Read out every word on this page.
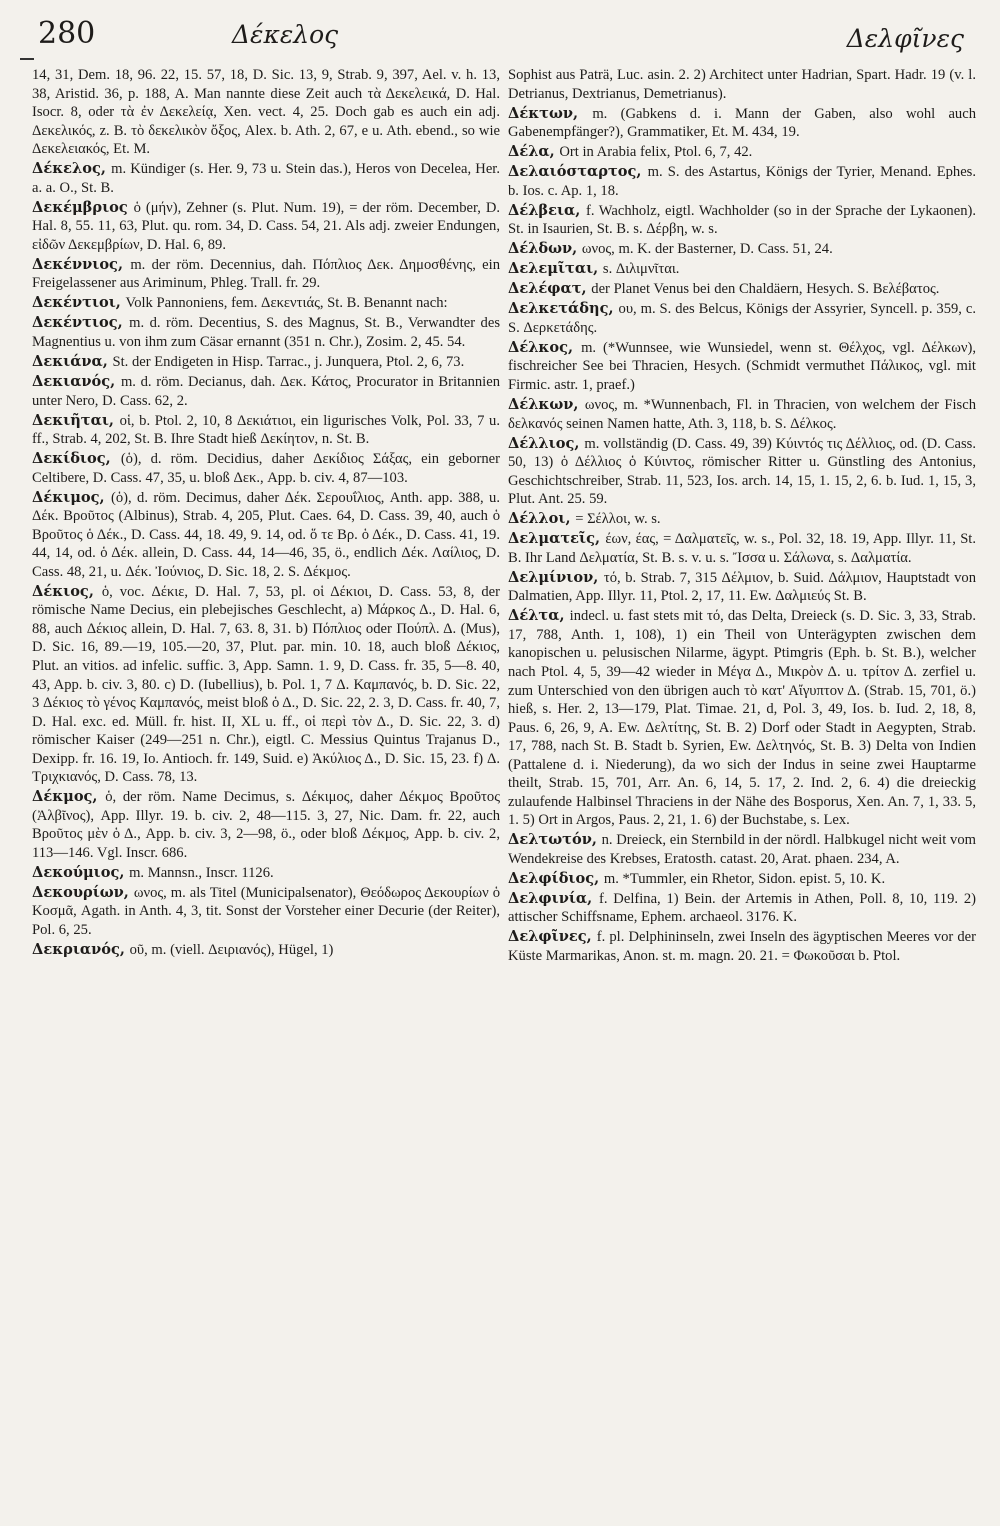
280	Δέκελος	Δελφῖνες

14, 31, Dem. 18, 96. 22, 15. 57, 18, D. Sic. 13, 9, Strab. 9, 397, Ael. v. h. 13, 38, Aristid. 36, p. 188, A. Man nannte diese Zeit auch τὰ Δεκελεικά, D. Hal. Isocr. 8, oder τὰ ἐν Δεκελείᾳ, Xen. vect. 4, 25. Doch gab es auch ein adj. Δεκελικός, z. B. τὸ δεκελικὸν ὄξος, Alex. b. Ath. 2, 67, e u. Ath. ebend., so wie Δεκελειακός, Et. M.

Δέκελος, m. Kündiger (s. Her. 9, 73 u. Stein das.), Heros von Decelea, Her. a. a. O., St. B.

Δεκέμβριος ὁ (μήν), Zehner (s. Plut. Num. 19), = der röm. December, D. Hal. 8, 55. 11, 63, Plut. qu. rom. 34, D. Cass. 54, 21. Als adj. zweier Endungen, εἰδῶν Δεκεμβρίων, D. Hal. 6, 89.

Δεκέννιος, m. der röm. Decennius, dah. Πόπλιος Δεκ. Δημοσθένης, ein Freigelassener aus Ariminum, Phleg. Trall. fr. 29.

Δεκέντιοι, Volk Pannoniens, fem. Δεκεντιάς, St. B. Benannt nach:

Δεκέντιος, m. d. röm. Decentius, S. des Magnus, St. B., Verwandter des Magnentius u. von ihm zum Cäsar ernannt (351 n. Chr.), Zosim. 2, 45. 54.

Δεκιάνα, St. der Endigeten in Hisp. Tarrac., j. Junquera, Ptol. 2, 6, 73.

Δεκιανός, m. d. röm. Decianus, dah. Δεκ. Κάτος, Procurator in Britannien unter Nero, D. Cass. 62, 2.

Δεκιῆται, οἱ, b. Ptol. 2, 10, 8 Δεκιάτιοι, ein ligurisches Volk, Pol. 33, 7 u. ff., Strab. 4, 202, St. B. Ihre Stadt hieß Δεκίητον, n. St. B.

Δεκίδιος, (ὁ), d. röm. Decidius, daher Δεκίδιος Σάξας, ein geborner Celtibere, D. Cass. 47, 35, u. bloß Δεκ., App. b. civ. 4, 87—103.

Δέκιμος, (ὁ), d. röm. Decimus, daher Δέκ. Σερουΐλιος, Anth. app. 388, u. Δέκ. Βροῦτος (Albinus), Strab. 4, 205, Plut. Caes. 64, D. Cass. 39, 40, auch ὁ Βροῦτος ὁ Δέκ., D. Cass. 44, 18. 49, 9. 14, od. ὅ τε Βρ. ὁ Δέκ., D. Cass. 41, 19. 44, 14, od. ὁ Δέκ. allein, D. Cass. 44, 14—46, 35, ö., endlich Δέκ. Λαίλιος, D. Cass. 48, 21, u. Δέκ. Ἰούνιος, D. Sic. 18, 2. S. Δέκμος.

Δέκιος, ὁ, voc. Δέκιε, D. Hal. 7, 53, pl. οἱ Δέκιοι, D. Cass. 53, 8, der römische Name Decius, ein plebejisches Geschlecht, a) Μάρκος Δ., D. Hal. 6, 88, auch Δέκιος allein, D. Hal. 7, 63. 8, 31. b) Πόπλιος oder Πούπλ. Δ. (Mus), D. Sic. 16, 89.—19, 105.—20, 37, Plut. par. min. 10. 18, auch bloß Δέκιος, Plut. an vitios. ad infelic. suffic. 3, App. Samn. 1. 9, D. Cass. fr. 35, 5—8. 40, 43, App. b. civ. 3, 80. c) D. (Iubellius), b. Pol. 1, 7 Δ. Καμπανός, b. D. Sic. 22, 3 Δέκιος τὸ γένος Καμπανός, meist bloß ὁ Δ., D. Sic. 22, 2. 3, D. Cass. fr. 40, 7, D. Hal. exc. ed. Müll. fr. hist. II, XL u. ff., οἱ περὶ τὸν Δ., D. Sic. 22, 3. d) römischer Kaiser (249—251 n. Chr.), eigtl. C. Messius Quintus Trajanus D., Dexipp. fr. 16. 19, Io. Antioch. fr. 149, Suid. e) Ἀκύλιος Δ., D. Sic. 15, 23. f) Δ. Τριχκιανός, D. Cass. 78, 13.

Δέκμος, ὁ, der röm. Name Decimus, s. Δέκιμος, daher Δέκμος Βροῦτος (Ἀλβῖνος), App. Illyr. 19. b. civ. 2, 48—115. 3, 27, Nic. Dam. fr. 22, auch Βροῦτος μὲν ὁ Δ., App. b. civ. 3, 2—98, ö., oder bloß Δέκμος, App. b. civ. 2, 113—146. Vgl. Inscr. 686.

Δεκούμιος, m. Mannsn., Inscr. 1126.

Δεκουρίων, ωνος, m. als Titel (Municipalsenator), Θεόδωρος Δεκουρίων ὁ Κοσμᾶ, Agath. in Anth. 4, 3, tit. Sonst der Vorsteher einer Decurie (der Reiter), Pol. 6, 25.

Δεκριανός, οῦ, m. (viell. Δειριανός), Hügel, 1)

Sophist aus Paträ, Luc. asin. 2. 2) Architect unter Hadrian, Spart. Hadr. 19 (v. l. Detrianus, Dextrianus, Demetrianus).

Δέκτων, m. (Gabkens d. i. Mann der Gaben, also wohl auch Gabenempfänger?), Grammatiker, Et. M. 434, 19.

Δέλα, Ort in Arabia felix, Ptol. 6, 7, 42.

Δελαιόσταρτος, m. S. des Astartus, Königs der Tyrier, Menand. Ephes. b. Ios. c. Ap. 1, 18.

Δέλβεια, f. Wachholz, eigtl. Wachholder (so in der Sprache der Lykaonen). St. in Isaurien, St. B. s. Δέρβη, w. s.

Δέλδων, ωνος, m. K. der Basterner, D. Cass. 51, 24.

Δελεμῖται, s. Διλιμνῖται.

Δελέφατ, der Planet Venus bei den Chaldäern, Hesych. S. Βελέβατος.

Δελκετάδης, ου, m. S. des Belcus, Königs der Assyrier, Syncell. p. 359, c. S. Δερκετάδης.

Δέλκος, m. (*Wunnsee, wie Wunsiedel, wenn st. Θέλχος, vgl. Δέλκων), fischreicher See bei Thracien, Hesych. (Schmidt vermuthet Πάλικος, vgl. mit Firmic. astr. 1, praef.)

Δέλκων, ωνος, m. *Wunnenbach, Fl. in Thracien, von welchem der Fisch δελκανός seinen Namen hatte, Ath. 3, 118, b. S. Δέλκος.

Δέλλιος, m. vollständig (D. Cass. 49, 39) Κύιντός τις Δέλλιος, od. (D. Cass. 50, 13) ὁ Δέλλιος ὁ Κύιντος, römischer Ritter u. Günstling des Antonius, Geschichtschreiber, Strab. 11, 523, Ios. arch. 14, 15, 1. 15, 2, 6. b. Iud. 1, 15, 3, Plut. Ant. 25. 59.

Δέλλοι, = Σέλλοι, w. s.

Δελματεῖς, έων, έας, = Δαλματεῖς, w. s., Pol. 32, 18. 19, App. Illyr. 11, St. B. Ihr Land Δελματία, St. B. s. v. u. s. Ἴσσα u. Σάλωνα, s. Δαλματία.

Δελμίνιον, τό, b. Strab. 7, 315 Δέλμιον, b. Suid. Δάλμιον, Hauptstadt von Dalmatien, App. Illyr. 11, Ptol. 2, 17, 11. Ew. Δαλμιεύς St. B.

Δέλτα, indecl. u. fast stets mit τό, das Delta, Dreieck (s. D. Sic. 3, 33, Strab. 17, 788, Anth. 1, 108), 1) ein Theil von Unterägypten zwischen dem kanopischen u. pelusischen Nilarme, ägypt. Ptimgris (Eph. b. St. B.), welcher nach Ptol. 4, 5, 39—42 wieder in Μέγα Δ., Μικρὸν Δ. u. τρίτον Δ. zerfiel u. zum Unterschied von den übrigen auch τὸ κατ' Αἴγυπτον Δ. (Strab. 15, 701, ö.) hieß, s. Her. 2, 13—179, Plat. Timae. 21, d, Pol. 3, 49, Ios. b. Iud. 2, 18, 8, Paus. 6, 26, 9, A. Ew. Δελτίτης, St. B. 2) Dorf oder Stadt in Aegypten, Strab. 17, 788, nach St. B. Stadt b. Syrien, Ew. Δελτηνός, St. B. 3) Delta von Indien (Pattalene d. i. Niederung), da wo sich der Indus in seine zwei Hauptarme theilt, Strab. 15, 701, Arr. An. 6, 14, 5. 17, 2. Ind. 2, 6. 4) die dreieckig zulaufende Halbinsel Thraciens in der Nähe des Bosporus, Xen. An. 7, 1, 33. 5, 1. 5) Ort in Argos, Paus. 2, 21, 1. 6) der Buchstabe, s. Lex.

Δελτωτόν, n. Dreieck, ein Sternbild in der nördl. Halbkugel nicht weit vom Wendekreise des Krebses, Eratosth. catast. 20, Arat. phaen. 234, A.

Δελφίδιος, m. *Tummler, ein Rhetor, Sidon. epist. 5, 10. K.

Δελφινία, f. Delfina, 1) Bein. der Artemis in Athen, Poll. 8, 10, 119. 2) attischer Schiffsname, Ephem. archaeol. 3176. K.

Δελφῖνες, f. pl. Delphininseln, zwei Inseln des ägyptischen Meeres vor der Küste Marmarikas, Anon. st. m. magn. 20. 21. = Φωκοῦσαι b. Ptol.
